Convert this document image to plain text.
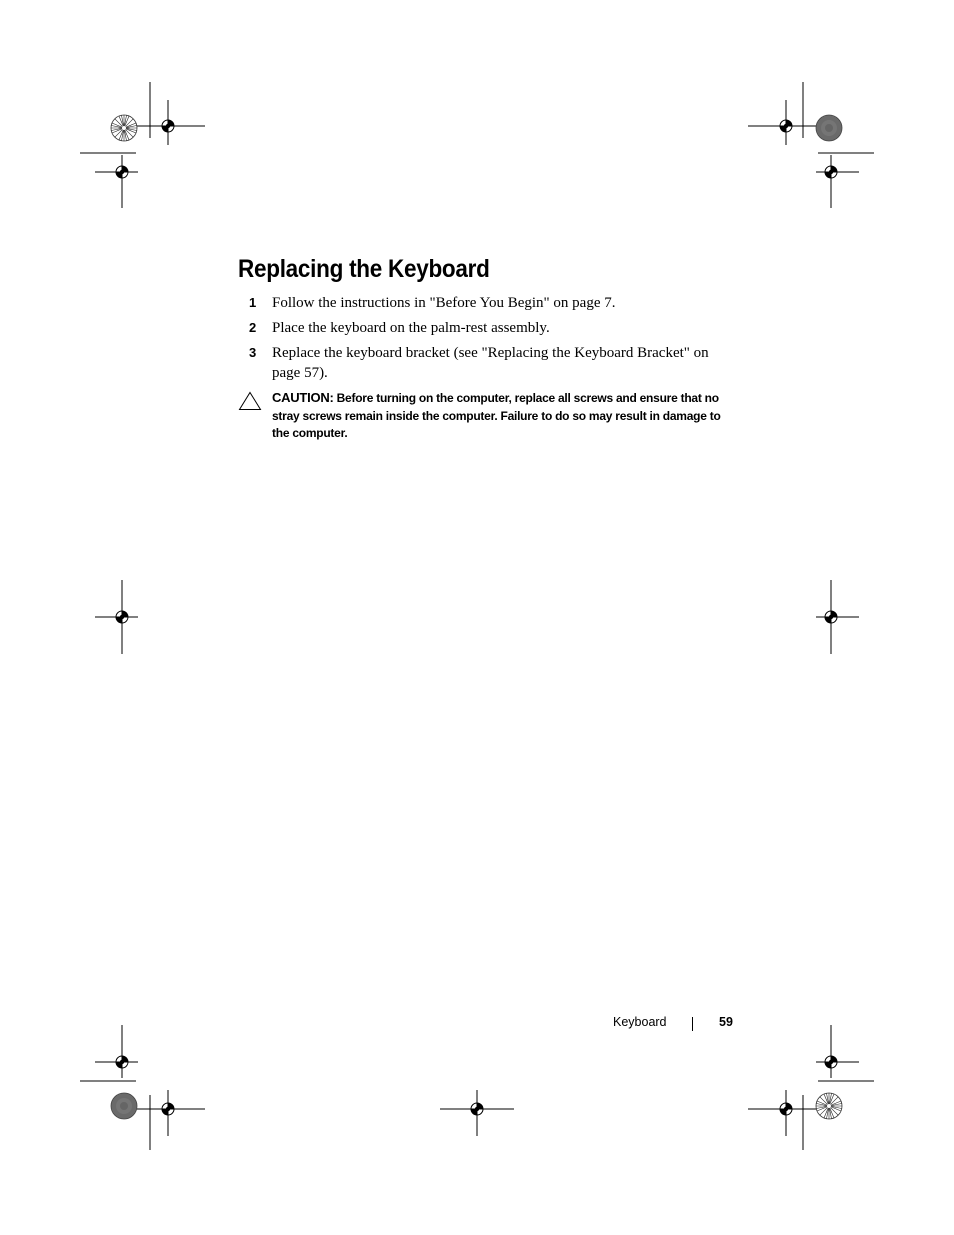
Replacing the Keyboard
1 Follow the instructions in "Before You Begin" on page 7.
2 Place the keyboard on the palm-rest assembly.
3 Replace the keyboard bracket (see "Replacing the Keyboard Bracket" on page 57).
CAUTION: Before turning on the computer, replace all screws and ensure that no stray screws remain inside the computer. Failure to do so may result in damage to the computer.
Keyboard	59
